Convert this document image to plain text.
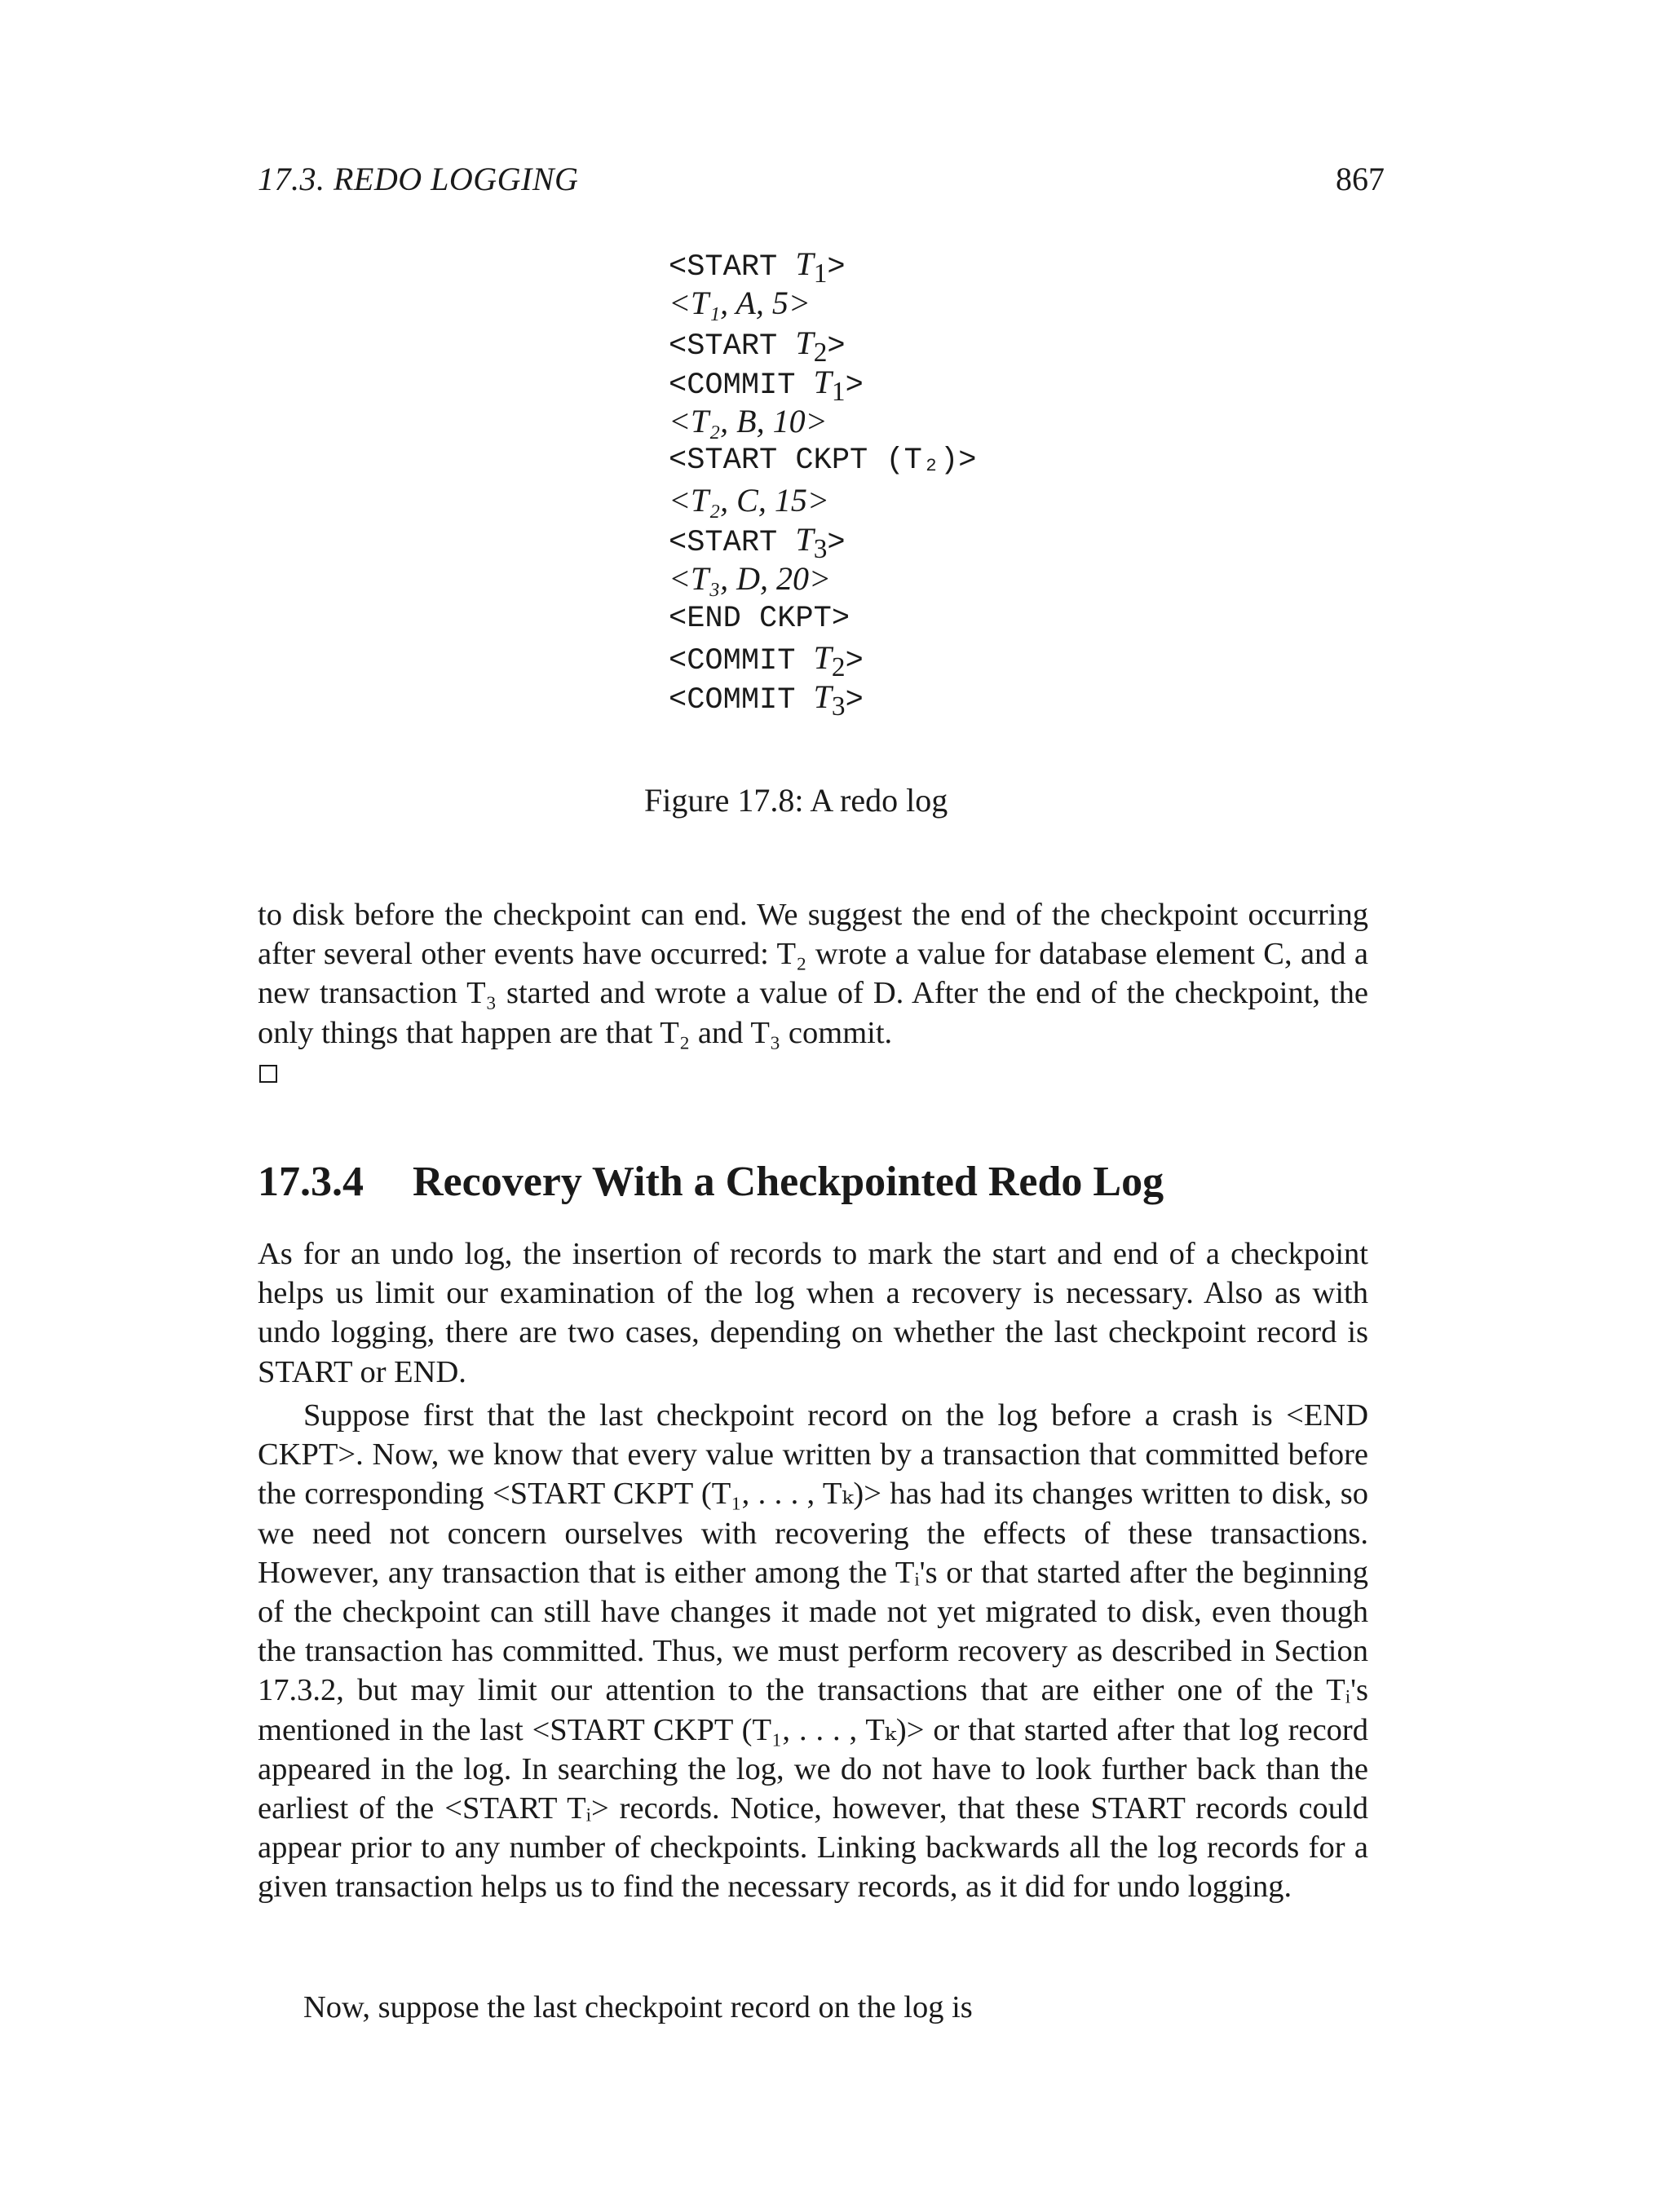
17.3. REDO LOGGING	867
<START $T_1>$
<T₁, A, 5>
<START $T_2>$
<COMMIT $T_1>$
<T₂, B, 10>
<START CKPT (T₂)>
<T₂, C, 15>
<START $T_3>$
<T₃, D, 20>
<END CKPT>
<COMMIT $T_2>$
<COMMIT $T_3>$
Figure 17.8: A redo log
to disk before the checkpoint can end. We suggest the end of the checkpoint occurring after several other events have occurred: T₂ wrote a value for database element C, and a new transaction T₃ started and wrote a value of D. After the end of the checkpoint, the only things that happen are that T₂ and T₃ commit.
17.3.4 Recovery With a Checkpointed Redo Log
As for an undo log, the insertion of records to mark the start and end of a checkpoint helps us limit our examination of the log when a recovery is necessary. Also as with undo logging, there are two cases, depending on whether the last checkpoint record is START or END.
Suppose first that the last checkpoint record on the log before a crash is <END CKPT>. Now, we know that every value written by a transaction that committed before the corresponding <START CKPT (T₁, . . . , Tₖ)> has had its changes written to disk, so we need not concern ourselves with recovering the effects of these transactions. However, any transaction that is either among the Tᵢ's or that started after the beginning of the checkpoint can still have changes it made not yet migrated to disk, even though the transaction has committed. Thus, we must perform recovery as described in Section 17.3.2, but may limit our attention to the transactions that are either one of the Tᵢ's mentioned in the last <START CKPT (T₁, . . . , Tₖ)> or that started after that log record appeared in the log. In searching the log, we do not have to look further back than the earliest of the <START Tᵢ> records. Notice, however, that these START records could appear prior to any number of checkpoints. Linking backwards all the log records for a given transaction helps us to find the necessary records, as it did for undo logging.
Now, suppose the last checkpoint record on the log is
